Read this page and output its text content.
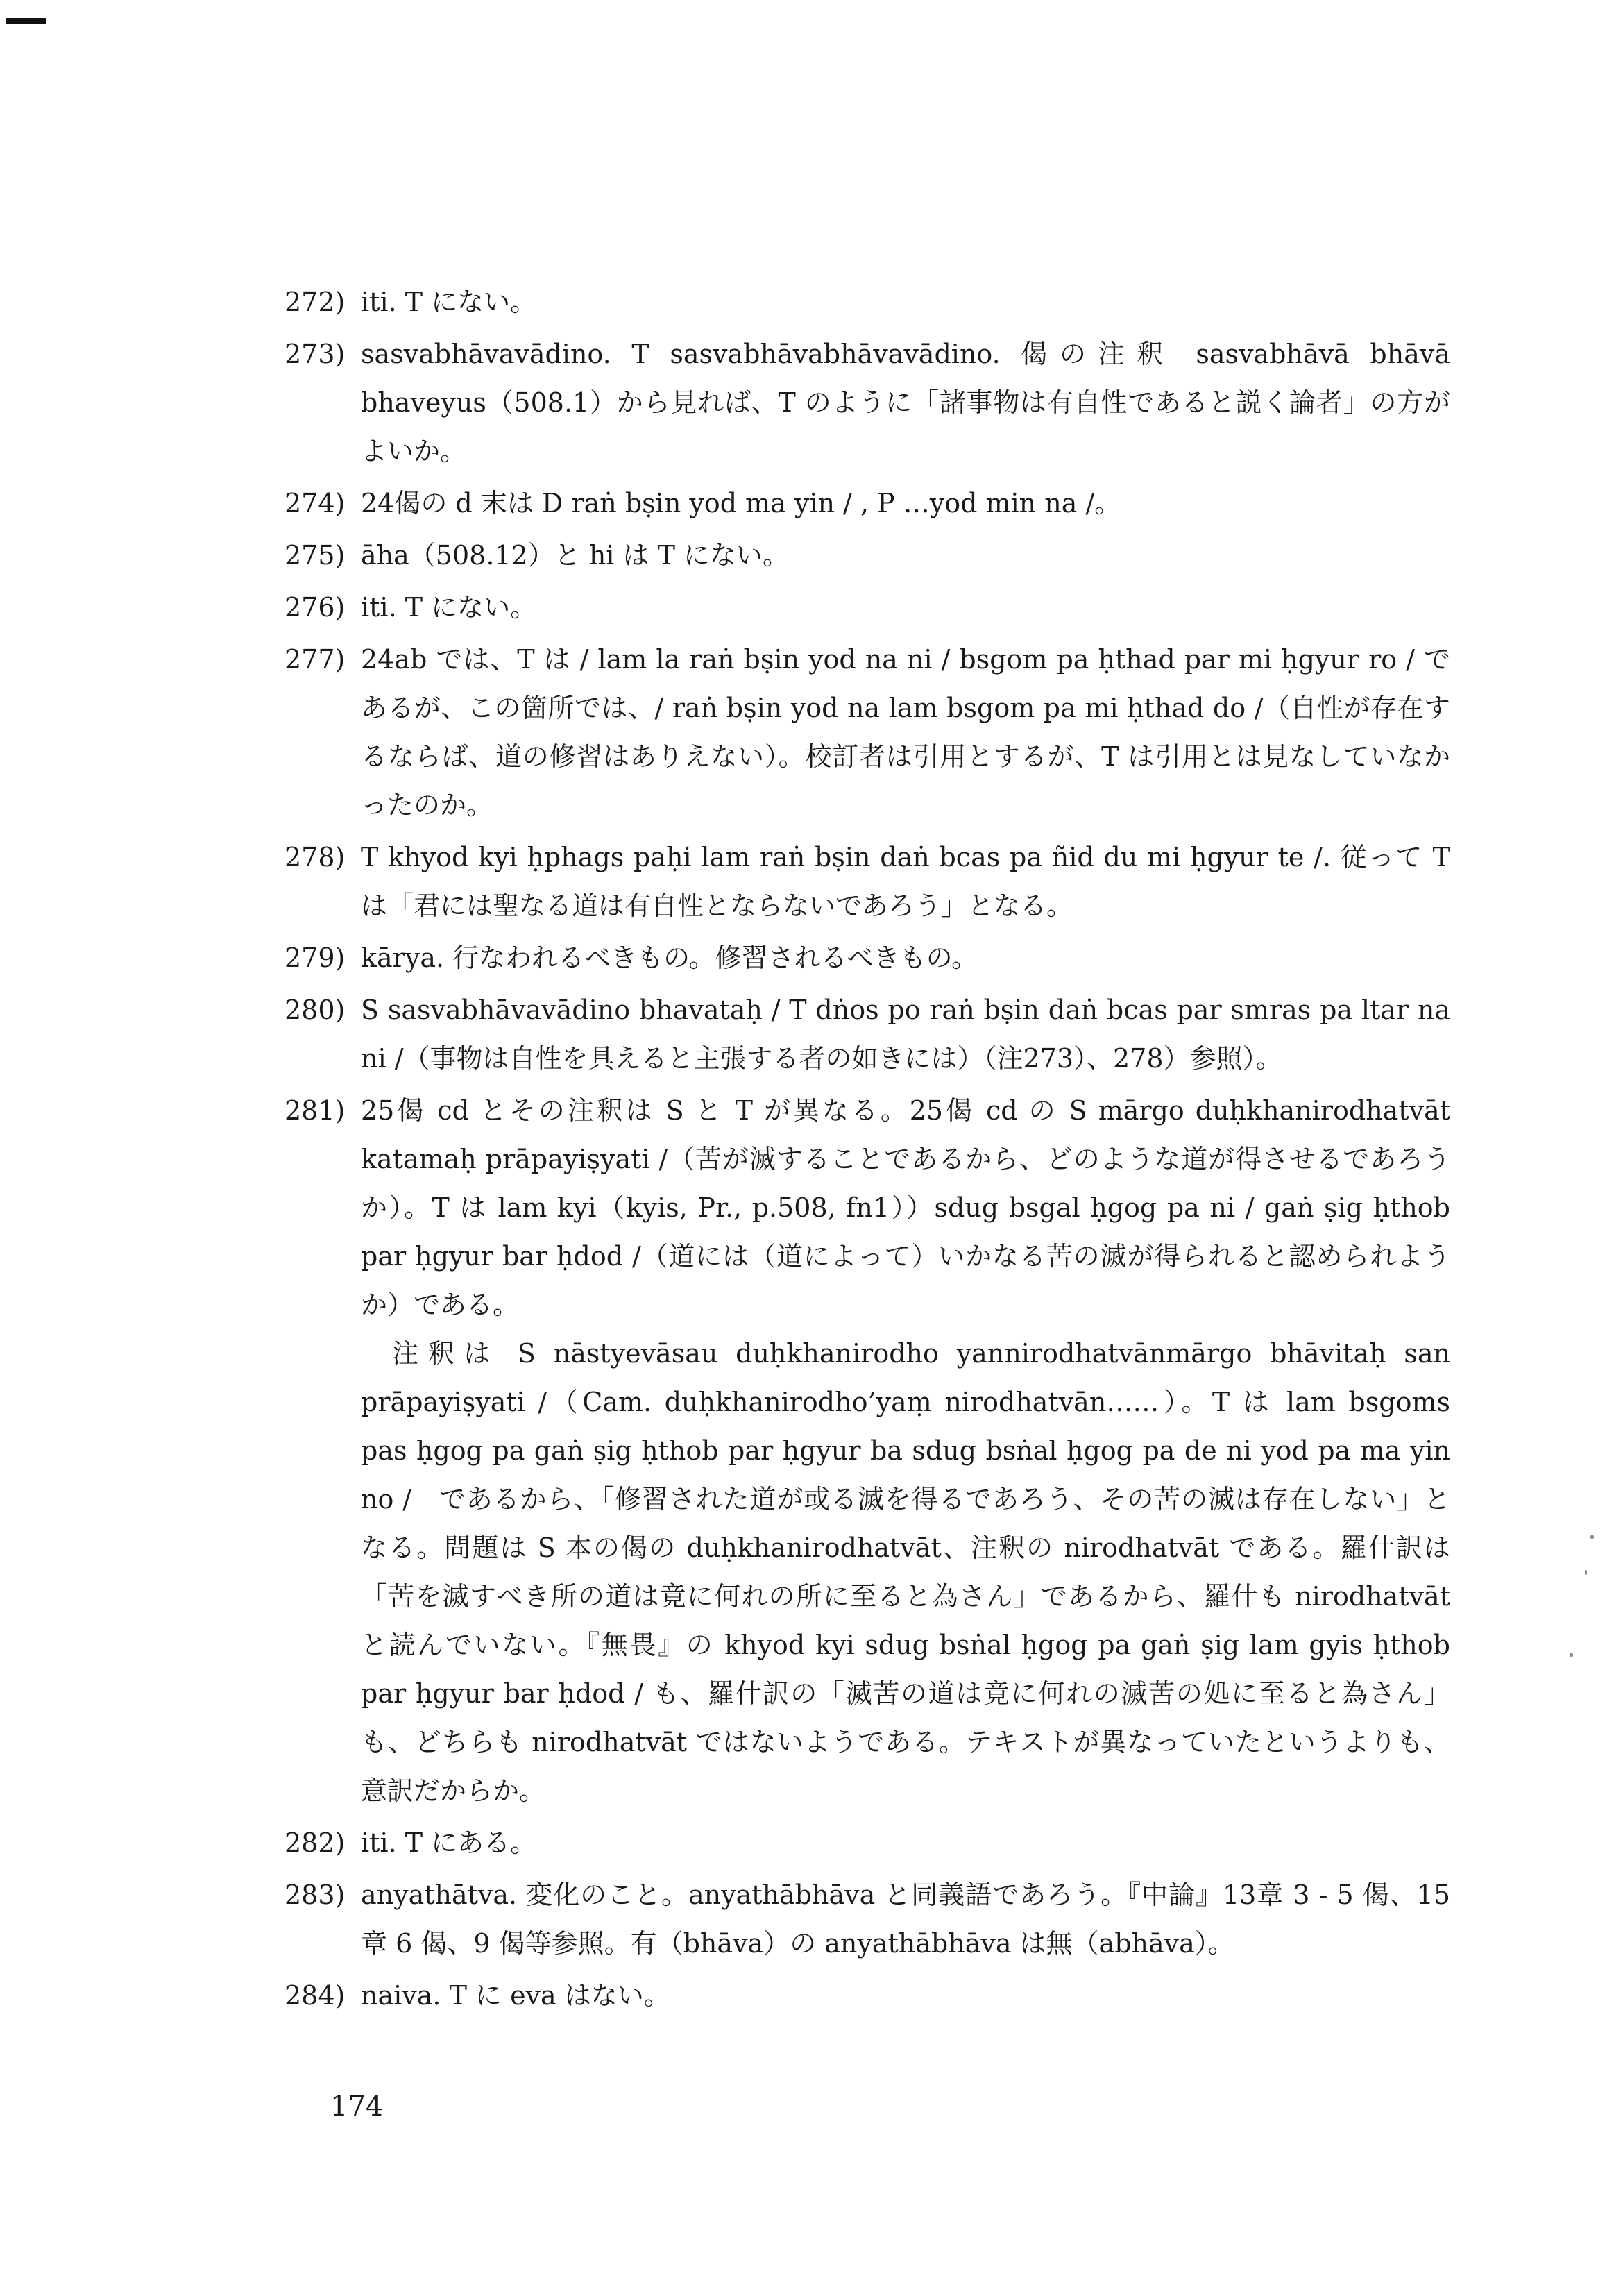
272) iti. T にない。

273) sasvabhāvavādino. T sasvabhāvabhāvavādino. 偈の注釈 sasvabhāvā bhāvā bhaveyus（508.1）から見れば、T のように「諸事物は有自性であると説く論者」の方がよいか。

274) 24偈の d 末は D raṅ bṣin yod ma yin / , P …yod min na /。

275) āha（508.12）と hi は T にない。

276) iti. T にない。

277) 24ab では、T は / lam la raṅ bṣin yod na ni / bsgom pa ḥthad par mi ḥgyur ro / であるが、この箇所では、/ raṅ bṣin yod na lam bsgom pa mi ḥthad do /（自性が存在するならば、道の修習はありえない）。校訂者は引用とするが、T は引用とは見なしていなかったのか。

278) T khyod kyi ḥphags paḥi lam raṅ bṣin daṅ bcas pa ñid du mi ḥgyur te /. 従って T は「君には聖なる道は有自性とならないであろう」となる。

279) kārya. 行なわれるべきもの。修習されるべきもの。

280) S sasvabhāvavādino bhavataḥ / T dṅos po raṅ bṣin daṅ bcas par smras pa ltar na ni /（事物は自性を具えると主張する者の如きには）（注273）、278）参照）。

281) 25偈 cd とその注釈は S と T が異なる。25偈 cd の S mārgo duḥkhanirodhatvāt katamaḥ prāpayiṣyati /（苦が滅することであるから、どのような道が得させるであろうか）。T は lam kyi（kyis, Pr., p.508, fn1））sdug bsgal ḥgog pa ni / gaṅ ṣig ḥthob par ḥgyur bar ḥdod /（道には（道によって）いかなる苦の滅が得られると認められようか）である。

注釈は S nāstyevāsau duḥkhanirodho yannirodhatvānmārgo bhāvitaḥ san prāpayiṣyati /（Cam. duḥkhanirodho’yaṃ nirodhatvān……）。T は lam bsgoms pas ḥgog pa gaṅ ṣig ḥthob par ḥgyur ba sdug bsṅal ḥgog pa de ni yod pa ma yin no /　であるから、「修習された道が或る滅を得るであろう、その苦の滅は存在しない」となる。問題は S 本の偈の duḥkhanirodhatvāt、注釈の nirodhatvāt である。羅什訳は「苦を滅すべき所の道は竟に何れの所に至ると為さん」であるから、羅什も nirodhatvāt と読んでいない。『無畏』の khyod kyi sdug bsṅal ḥgog pa gaṅ ṣig lam gyis ḥthob par ḥgyur bar ḥdod / も、羅什訳の「滅苦の道は竟に何れの滅苦の処に至ると為さん」も、どちらも nirodhatvāt ではないようである。テキストが異なっていたというよりも、意訳だからか。

282) iti. T にある。

283) anyathātva. 変化のこと。anyathābhāva と同義語であろう。『中論』13章 3 - 5 偈、15章 6 偈、9 偈等参照。有（bhāva）の anyathābhāva は無（abhāva）。

284) naiva. T に eva はない。

174
